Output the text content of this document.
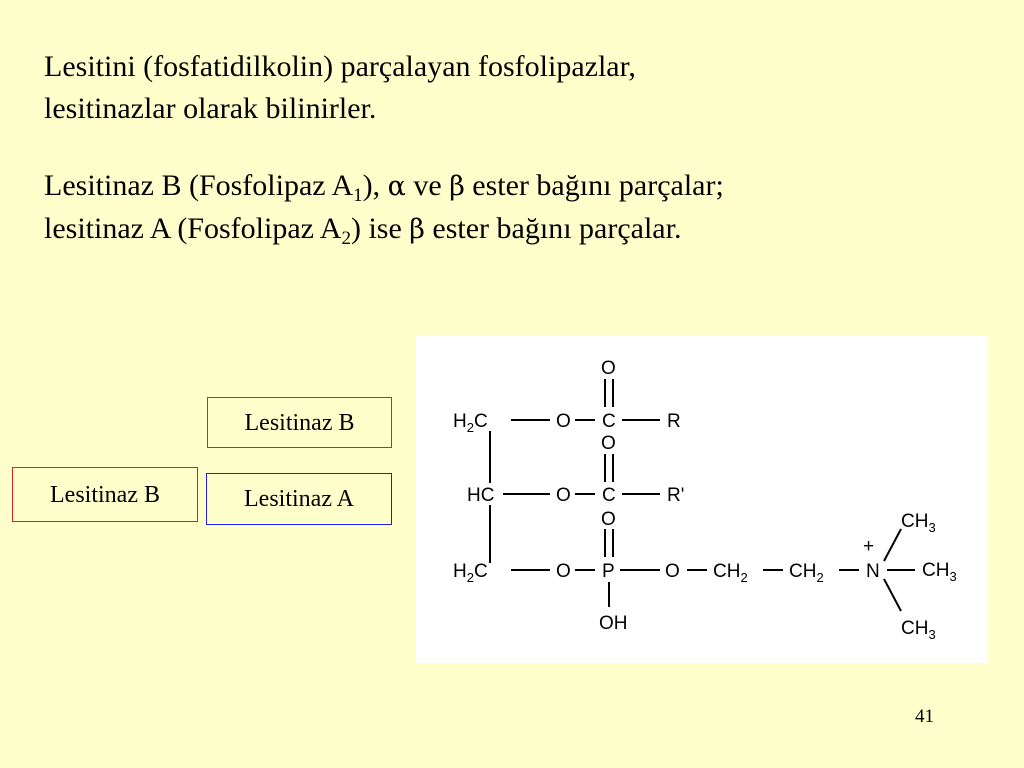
Lesitini (fosfatidilkolin) parçalayan fosfolipazlar,
lesitinazlar olarak bilinirler.

Lesitinaz B (Fosfolipaz $A_1$), α ve β ester bağını parçalar;
lesitinaz A (Fosfolipaz $A_2$) ise β ester bağını parçalar.

Lesitinaz B
Lesitinaz B	Lesitinaz A
$H_2C$	O C
O
R
HC	O C
O
R'
$H_2C$	O P
O
OH
O $CH_2$ $CH_2$
+
N
$CH_3$
$CH_3$
$CH_3$
41
